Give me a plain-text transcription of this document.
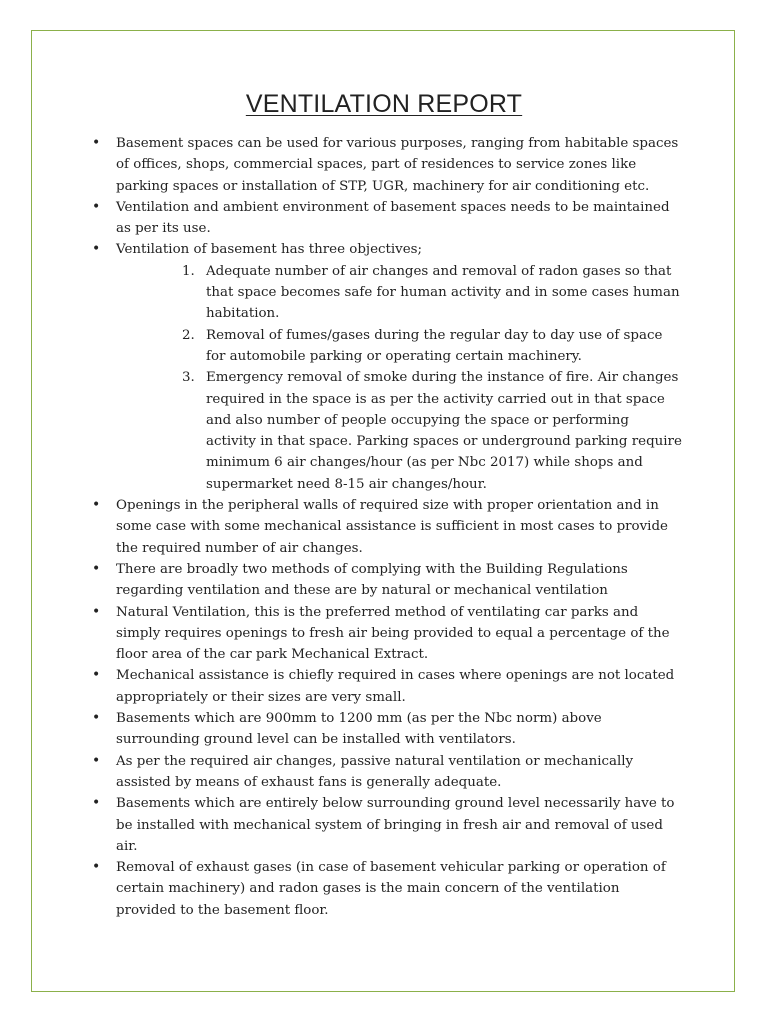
VENTILATION REPORT
• Basement spaces can be used for various purposes, ranging from habitable spaces of offices, shops, commercial spaces, part of residences to service zones like parking spaces or installation of STP, UGR, machinery for air conditioning etc.
• Ventilation and ambient environment of basement spaces needs to be maintained as per its use.
• Ventilation of basement has three objectives;
1. Adequate number of air changes and removal of radon gases so that that space becomes safe for human activity and in some cases human habitation.
2. Removal of fumes/gases during the regular day to day use of space for automobile parking or operating certain machinery.
3. Emergency removal of smoke during the instance of fire. Air changes required in the space is as per the activity carried out in that space and also number of people occupying the space or performing activity in that space. Parking spaces or underground parking require minimum 6 air changes/hour (as per Nbc 2017) while shops and supermarket need 8-15 air changes/hour.
• Openings in the peripheral walls of required size with proper orientation and in some case with some mechanical assistance is sufficient in most cases to provide the required number of air changes.
• There are broadly two methods of complying with the Building Regulations regarding ventilation and these are by natural or mechanical ventilation
• Natural Ventilation, this is the preferred method of ventilating car parks and simply requires openings to fresh air being provided to equal a percentage of the floor area of the car park Mechanical Extract.
• Mechanical assistance is chiefly required in cases where openings are not located appropriately or their sizes are very small.
• Basements which are 900mm to 1200 mm (as per the Nbc norm) above surrounding ground level can be installed with ventilators.
• As per the required air changes, passive natural ventilation or mechanically assisted by means of exhaust fans is generally adequate.
• Basements which are entirely below surrounding ground level necessarily have to be installed with mechanical system of bringing in fresh air and removal of used air.
• Removal of exhaust gases (in case of basement vehicular parking or operation of certain machinery) and radon gases is the main concern of the ventilation provided to the basement floor.
